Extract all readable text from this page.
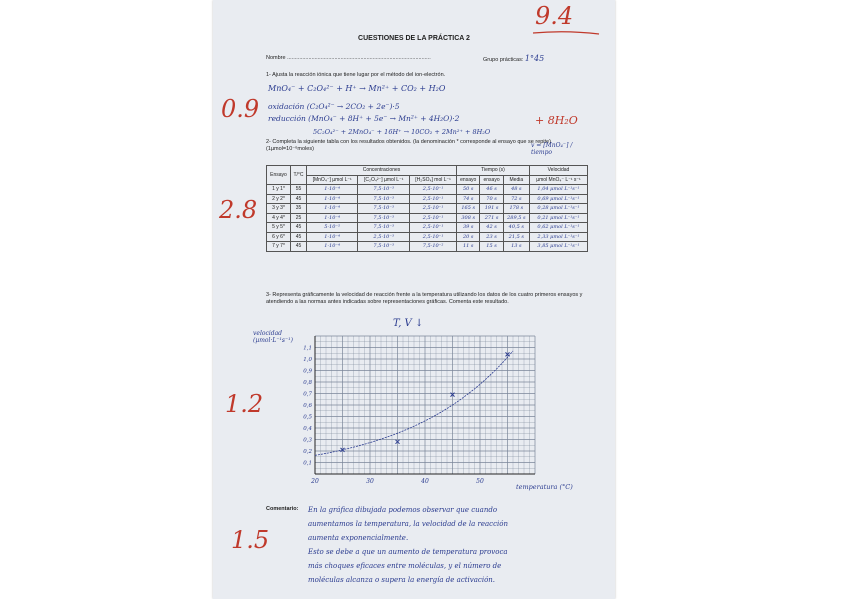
9.4
CUESTIONES DE LA PRÁCTICA 2
Nombre ..............................................................................................	Grupo prácticas: 1°45
1- Ajusta la reacción iónica que tiene lugar por el método del ion-electrón.
0.9
MnO₄⁻ + C₂O₄²⁻ + H⁺ → Mn²⁺ + CO₂ + H₂O
oxidación (C₂O₄²⁻ → 2CO₂ + 2e⁻)·5
reducción (MnO₄⁻ + 8H⁺ + 5e⁻ → Mn²⁺ + 4H₂O)·2
5C₂O₄²⁻ + 2MnO₄⁻ + 16H⁺ → 10CO₂ + 2Mn²⁺ + 8H₂O
+ 8H₂O
2- Completa la siguiente tabla con los resultados obtenidos. (la denominación * corresponde al ensayo que se repite) (1µmol=10⁻⁶moles)	v = [MnO₄⁻] / tiempo
2.8
Ensayo	T/°C	Concentraciones			Tiempo (s)			Velocidad
		[MnO₄⁻] µmol L⁻¹	[C₂O₄²⁻] µmol L⁻¹	[H₂SO₄] mol L⁻¹	ensayo	ensayo	Media	µmol MnO₄⁻ L⁻¹ s⁻¹
1 y 1*	55	1·10⁻⁴	7,5·10⁻³	2,5·10⁻¹	50 s	46 s	48 s	1,04 µmol L⁻¹s⁻¹
2 y 2*	45	1·10⁻⁴	7,5·10⁻³	2,5·10⁻¹	74 s	70 s	72 s	0,69 µmol L⁻¹s⁻¹
3 y 3*	35	1·10⁻⁴	7,5·10⁻³	2,5·10⁻¹	165 s	191 s	178 s	0,28 µmol L⁻¹s⁻¹
4 y 4*	25	1·10⁻⁴	7,5·10⁻³	2,5·10⁻¹	308 s	271 s	289,5 s	0,21 µmol L⁻¹s⁻¹
5 y 5*	45	5·10⁻⁵	7,5·10⁻³	2,5·10⁻¹	39 s	42 s	40,5 s	0,62 µmol L⁻¹s⁻¹
6 y 6*	45	1·10⁻⁴	2,5·10⁻³	2,5·10⁻¹	20 s	23 s	21,5 s	2,33 µmol L⁻¹s⁻¹
7 y 7*	45	1·10⁻⁴	7,5·10⁻³	7,5·10⁻²	11 s	15 s	13 s	3,85 µmol L⁻¹s⁻¹
3- Representa gráficamente la velocidad de reacción frente a la temperatura utilizando los datos de los cuatro primeros ensayos y atendiendo a las normas antes indicadas sobre representaciones gráficas. Comenta este resultado.
T, V ↓
velocidad (µmol·L⁻¹s⁻¹)
1.2
0,1
0,2
0,3
0,4
0,5
0,6
0,7
0,8
0,9
1,0
1,1
20	30	40	50
temperatura (°C)
Comentario:
1.5
En la gráfica dibujada podemos observar que cuando
aumentamos la temperatura, la velocidad de la reacción
aumenta exponencialmente.
Esto se debe a que un aumento de temperatura provoca
más choques eficaces entre moléculas, y el número de
moléculas alcanza o supera la energía de activación.
